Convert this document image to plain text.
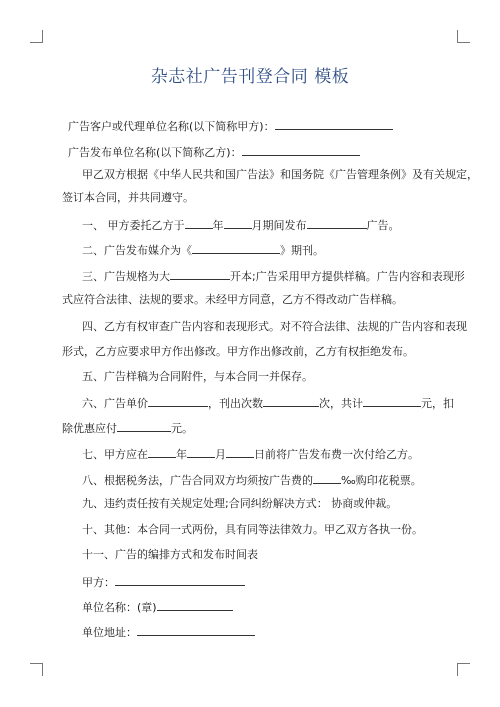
杂志社广告刊登合同 模板
广告客户或代理单位名称(以下简称甲方)：
广告发布单位名称(以下简称乙方)：
甲乙双方根据《中华人民共和国广告法》和国务院《广告管理条例》及有关规定，
签订本合同，并共同遵守。
一、 甲方委托乙方于	年	月期间发布	广告。
二、广告发布媒介为《	》期刊。
三、广告规格为大	开本;广告采用甲方提供样稿。广告内容和表现形
式应符合法律、法规的要求。未经甲方同意，乙方不得改动广告样稿。
四、乙方有权审查广告内容和表现形式。对不符合法律、法规的广告内容和表现
形式，乙方应要求甲方作出修改。甲方作出修改前，乙方有权拒绝发布。
五、广告样稿为合同附件，与本合同一并保存。
六、广告单价	，刊出次数	次，共计	元，扣
除优惠应付	元。
七、甲方应在	年	月	日前将广告发布费一次付给乙方。
八、根据税务法，广告合同双方均须按广告费的	‰购印花税票。
九、违约责任按有关规定处理;合同纠纷解决方式： 协商或仲裁。
十、其他：本合同一式两份，具有同等法律效力。甲乙双方各执一份。
十一、广告的编排方式和发布时间表
甲方：
单位名称：(章)
单位地址：
